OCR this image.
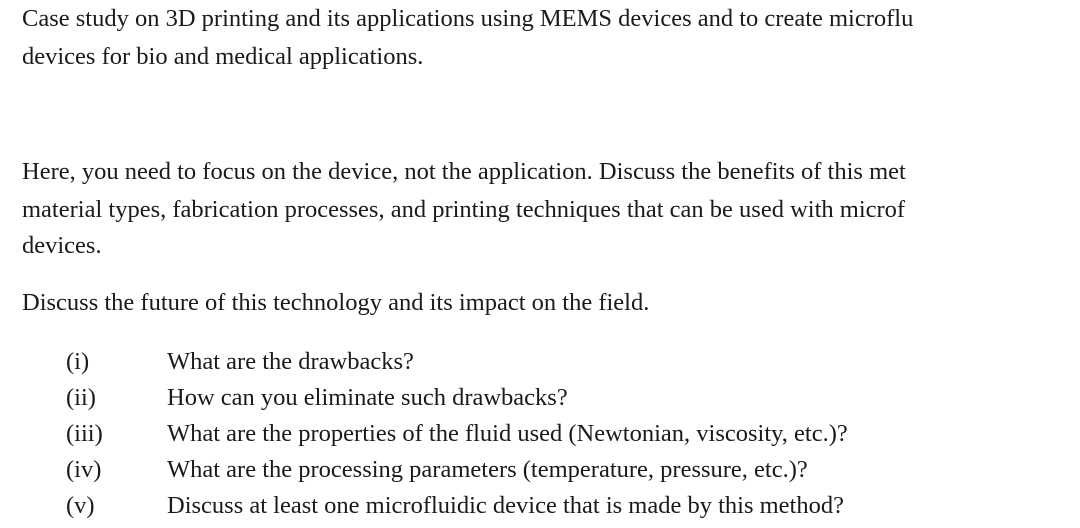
Case study on 3D printing and its applications using MEMS devices and to create microflu
devices for bio and medical applications.
Here, you need to focus on the device, not the application. Discuss the benefits of this met
material types, fabrication processes, and printing techniques that can be used with microf
devices.
Discuss the future of this technology and its impact on the field.
(i)	What are the drawbacks?
(ii)	How can you eliminate such drawbacks?
(iii)	What are the properties of the fluid used (Newtonian, viscosity, etc.)?
(iv)	What are the processing parameters (temperature, pressure, etc.)?
(v)	Discuss at least one microfluidic device that is made by this method?
